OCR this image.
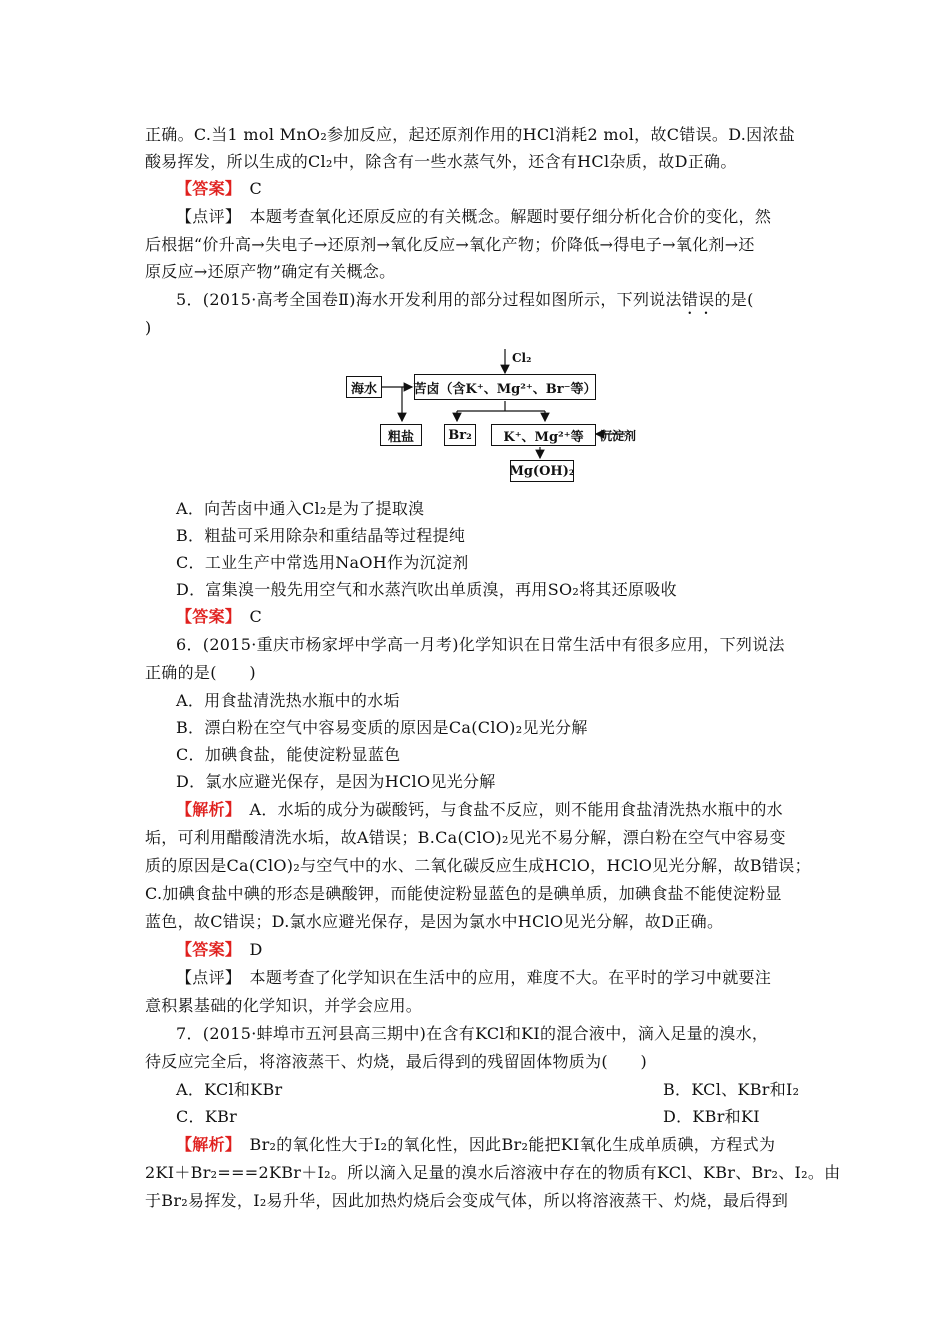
正确。C.当1 mol MnO₂参加反应，起还原剂作用的HCl消耗2 mol，故C错误。D.因浓盐
酸易挥发，所以生成的Cl₂中，除含有一些水蒸气外，还含有HCl杂质，故D正确。
【答案】　 C
【点评】　 本题考查氧化还原反应的有关概念。解题时要仔细分析化合价的变化，然
后根据“价升高→失电子→还原剂→氧化反应→氧化产物；价降低→得电子→氧化剂→还
原反应→还原产物”确定有关概念。
5．(2015·高考全国卷Ⅱ)海水开发利用的部分过程如图所示，下列说法错误的是(
)
Cl₂
海水	苦卤（含K⁺、Mg²⁺、Br⁻等）
粗盐	Br₂	K⁺、Mg²⁺等	沉淀剂
Mg(OH)₂
A．向苦卤中通入Cl₂是为了提取溴
B．粗盐可采用除杂和重结晶等过程提纯
C．工业生产中常选用NaOH作为沉淀剂
D．富集溴一般先用空气和水蒸汽吹出单质溴，再用SO₂将其还原吸收
【答案】　 C
6．(2015·重庆市杨家坪中学高一月考)化学知识在日常生活中有很多应用，下列说法
正确的是(　　)
A．用食盐清洗热水瓶中的水垢
B．漂白粉在空气中容易变质的原因是Ca(ClO)₂见光分解
C．加碘食盐，能使淀粉显蓝色
D．氯水应避光保存，是因为HClO见光分解
【解析】　 A．水垢的成分为碳酸钙，与食盐不反应，则不能用食盐清洗热水瓶中的水
垢，可利用醋酸清洗水垢，故A错误；B.Ca(ClO)₂见光不易分解，漂白粉在空气中容易变
质的原因是Ca(ClO)₂与空气中的水、二氧化碳反应生成HClO，HClO见光分解，故B错误；
C.加碘食盐中碘的形态是碘酸钾，而能使淀粉显蓝色的是碘单质，加碘食盐不能使淀粉显
蓝色，故C错误；D.氯水应避光保存，是因为氯水中HClO见光分解，故D正确。
【答案】　 D
【点评】　 本题考查了化学知识在生活中的应用，难度不大。在平时的学习中就要注
意积累基础的化学知识，并学会应用。
7．(2015·蚌埠市五河县高三期中)在含有KCl和KI的混合液中，滴入足量的溴水，
待反应完全后，将溶液蒸干、灼烧，最后得到的残留固体物质为(　　)
A．KCl和KBr	B．KCl、KBr和I₂
C．KBr	D．KBr和KI
【解析】　 Br₂的氧化性大于I₂的氧化性，因此Br₂能把KI氧化生成单质碘，方程式为
2KI＋Br₂===2KBr＋I₂。所以滴入足量的溴水后溶液中存在的物质有KCl、KBr、Br₂、I₂。由
于Br₂易挥发，I₂易升华，因此加热灼烧后会变成气体，所以将溶液蒸干、灼烧，最后得到
